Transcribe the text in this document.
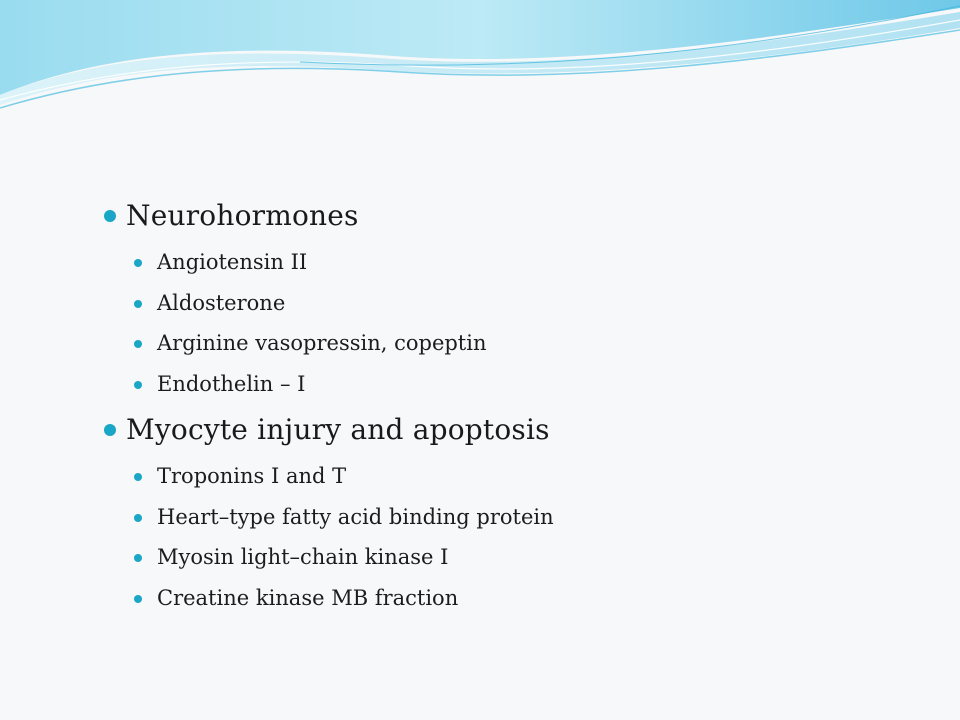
Neurohormones
Angiotensin II
Aldosterone
Arginine vasopressin, copeptin
Endothelin – I
Myocyte injury and apoptosis
Troponins I and T
Heart–type fatty acid binding protein
Myosin light–chain kinase I
Creatine kinase MB fraction
